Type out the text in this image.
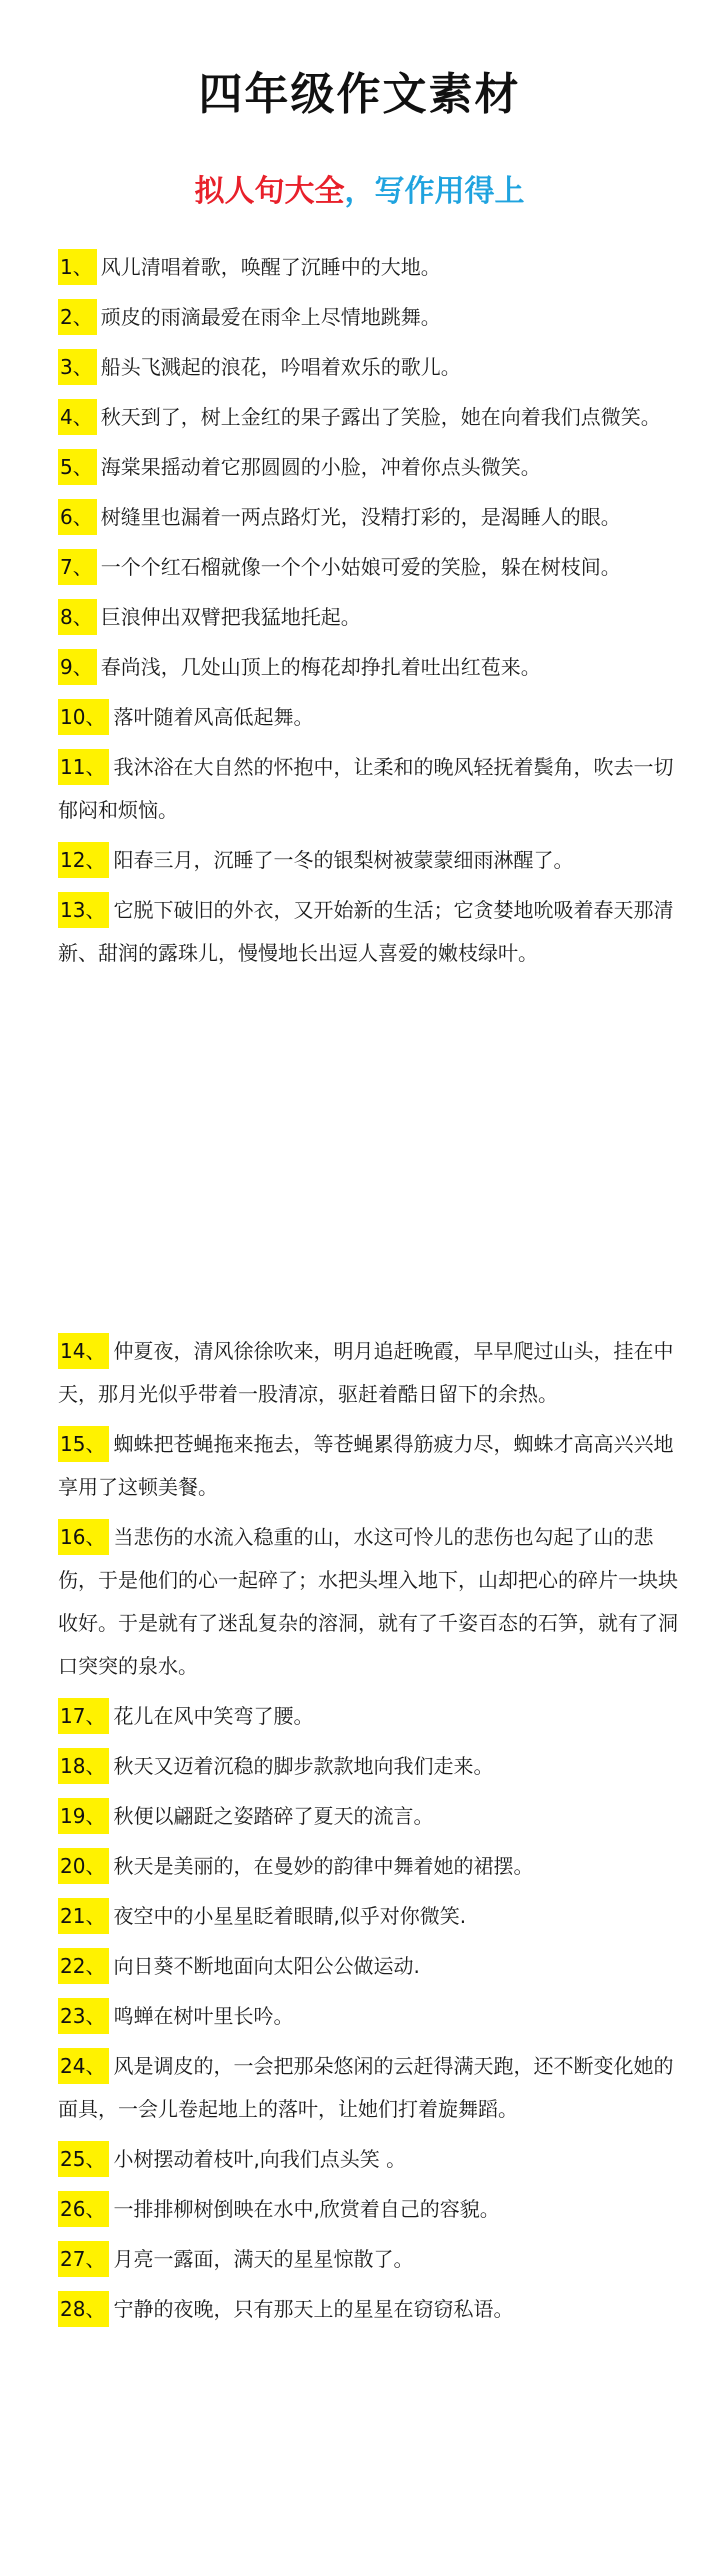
四年级作文素材
拟人句大全，写作用得上
1、 风儿清唱着歌，唤醒了沉睡中的大地。
2、 顽皮的雨滴最爱在雨伞上尽情地跳舞。
3、 船头飞溅起的浪花，吟唱着欢乐的歌儿。
4、 秋天到了，树上金红的果子露出了笑脸，她在向着我们点微笑。
5、 海棠果摇动着它那圆圆的小脸，冲着你点头微笑。
6、 树缝里也漏着一两点路灯光，没精打彩的，是渴睡人的眼。
7、 一个个红石榴就像一个个小姑娘可爱的笑脸，躲在树枝间。
8、 巨浪伸出双臂把我猛地托起。
9、 春尚浅，几处山顶上的梅花却挣扎着吐出红苞来。
10、 落叶随着风高低起舞。
11、 我沐浴在大自然的怀抱中，让柔和的晚风轻抚着鬓角，吹去一切郁闷和烦恼。
12、 阳春三月，沉睡了一冬的银梨树被蒙蒙细雨淋醒了。
13、 它脱下破旧的外衣，又开始新的生活；它贪婪地吮吸着春天那清新、甜润的露珠儿，慢慢地长出逗人喜爱的嫩枝绿叶。
14、 仲夏夜，清风徐徐吹来，明月追赶晚霞，早早爬过山头，挂在中天，那月光似乎带着一股清凉，驱赶着酷日留下的余热。
15、 蜘蛛把苍蝇拖来拖去，等苍蝇累得筋疲力尽，蜘蛛才高高兴兴地享用了这顿美餐。
16、 当悲伤的水流入稳重的山，水这可怜儿的悲伤也勾起了山的悲伤，于是他们的心一起碎了；水把头埋入地下，山却把心的碎片一块块收好。于是就有了迷乱复杂的溶洞，就有了千姿百态的石笋，就有了洞口突突的泉水。
17、 花儿在风中笑弯了腰。
18、 秋天又迈着沉稳的脚步款款地向我们走来。
19、 秋便以翩跹之姿踏碎了夏天的流言。
20、 秋天是美丽的，在曼妙的韵律中舞着她的裙摆。
21、 夜空中的小星星眨着眼睛,似乎对你微笑.
22、 向日葵不断地面向太阳公公做运动.
23、 鸣蝉在树叶里长吟。
24、 风是调皮的，一会把那朵悠闲的云赶得满天跑，还不断变化她的面具，一会儿卷起地上的落叶，让她们打着旋舞蹈。
25、 小树摆动着枝叶,向我们点头笑 。
26、 一排排柳树倒映在水中,欣赏着自己的容貌。
27、 月亮一露面，满天的星星惊散了。
28、 宁静的夜晚，只有那天上的星星在窃窃私语。
